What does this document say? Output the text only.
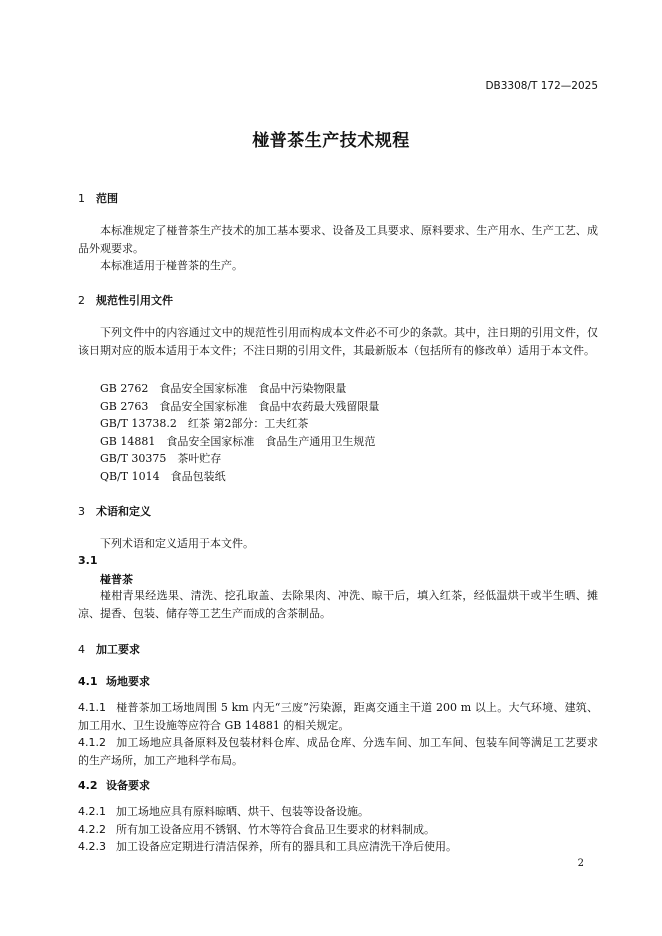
DB3308/T 172—2025
椪普茶生产技术规程
1 范围
本标准规定了椪普茶生产技术的加工基本要求、设备及工具要求、原料要求、生产用水、生产工艺、成品外观要求。
本标准适用于椪普茶的生产。
2 规范性引用文件
下列文件中的内容通过文中的规范性引用而构成本文件必不可少的条款。其中，注日期的引用文件，仅该日期对应的版本适用于本文件；不注日期的引用文件，其最新版本（包括所有的修改单）适用于本文件。
GB 2762　食品安全国家标准　食品中污染物限量
GB 2763　食品安全国家标准　食品中农药最大残留限量
GB/T 13738.2　红茶 第2部分：工夫红茶
GB 14881　食品安全国家标准　食品生产通用卫生规范
GB/T 30375　茶叶贮存
QB/T 1014　食品包装纸
3 术语和定义
下列术语和定义适用于本文件。
3.1
椪普茶
椪柑青果经选果、清洗、挖孔取盖、去除果肉、冲洗、晾干后，填入红茶，经低温烘干或半生晒、摊凉、提香、包装、储存等工艺生产而成的含茶制品。
4 加工要求
4.1 场地要求
4.1.1 椪普茶加工场地周围 5 km 内无“三废”污染源，距离交通主干道 200 m 以上。大气环境、建筑、加工用水、卫生设施等应符合 GB 14881 的相关规定。
4.1.2 加工场地应具备原料及包装材料仓库、成品仓库、分选车间、加工车间、包装车间等满足工艺要求的生产场所，加工产地科学布局。
4.2 设备要求
4.2.1 加工场地应具有原料晾晒、烘干、包装等设备设施。
4.2.2 所有加工设备应用不锈钢、竹木等符合食品卫生要求的材料制成。
4.2.3 加工设备应定期进行清洁保养，所有的器具和工具应清洗干净后使用。
2
